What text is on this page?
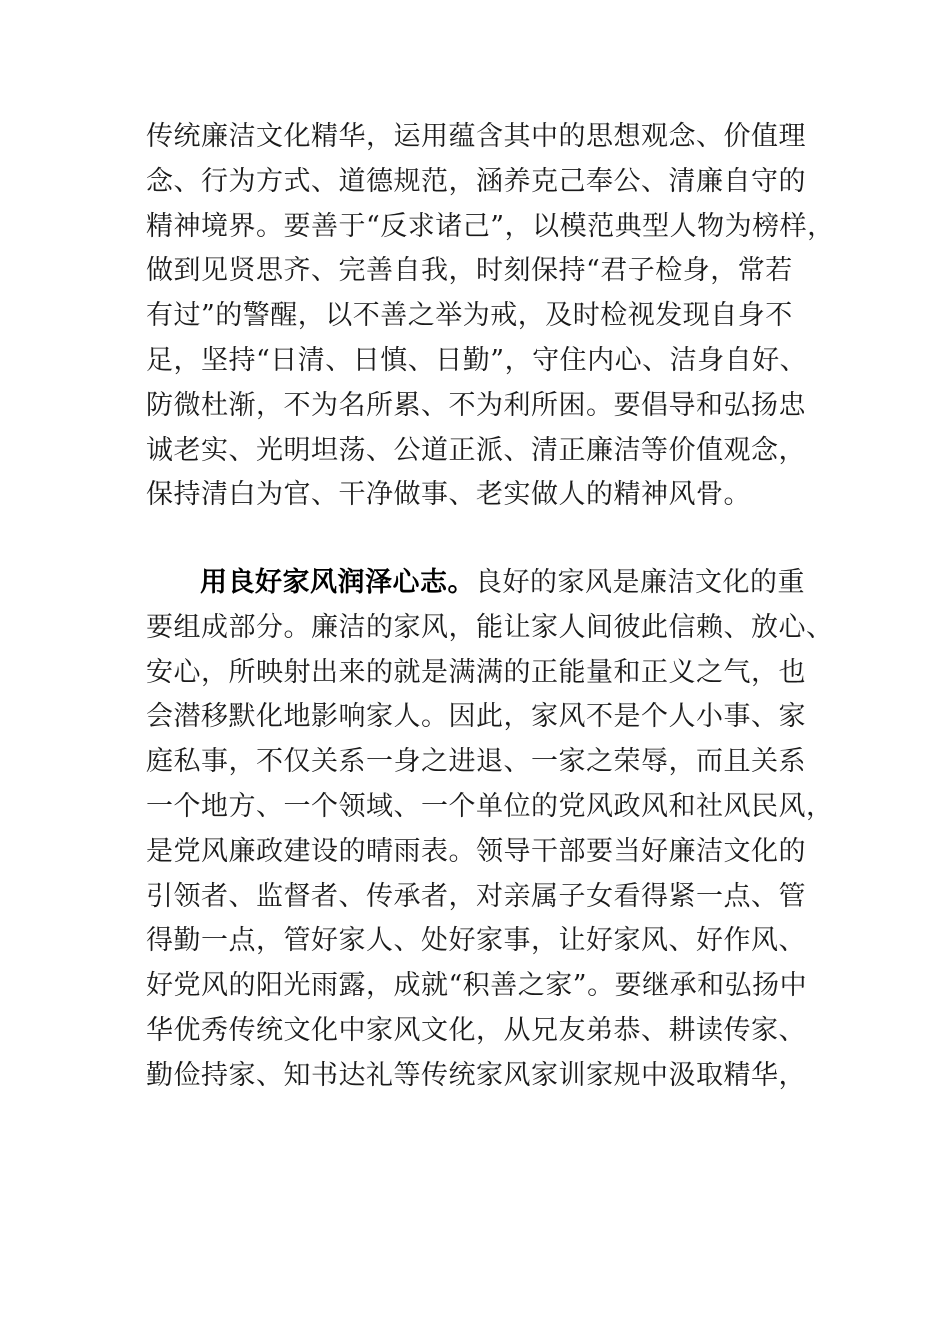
传统廉洁文化精华，运用蕴含其中的思想观念、价值理
念、行为方式、道德规范，涵养克己奉公、清廉自守的
精神境界。要善于“反求诸己”，以模范典型人物为榜样，
做到见贤思齐、完善自我，时刻保持“君子检身，常若
有过”的警醒，以不善之举为戒，及时检视发现自身不
足，坚持“日清、日慎、日勤”，守住内心、洁身自好、
防微杜渐，不为名所累、不为利所困。要倡导和弘扬忠
诚老实、光明坦荡、公道正派、清正廉洁等价值观念，
保持清白为官、干净做事、老实做人的精神风骨。
用良好家风润泽心志。良好的家风是廉洁文化的重
要组成部分。廉洁的家风，能让家人间彼此信赖、放心、
安心，所映射出来的就是满满的正能量和正义之气，也
会潜移默化地影响家人。因此，家风不是个人小事、家
庭私事，不仅关系一身之进退、一家之荣辱，而且关系
一个地方、一个领域、一个单位的党风政风和社风民风，
是党风廉政建设的晴雨表。领导干部要当好廉洁文化的
引领者、监督者、传承者，对亲属子女看得紧一点、管
得勤一点，管好家人、处好家事，让好家风、好作风、
好党风的阳光雨露，成就“积善之家”。要继承和弘扬中
华优秀传统文化中家风文化，从兄友弟恭、耕读传家、
勤俭持家、知书达礼等传统家风家训家规中汲取精华，
